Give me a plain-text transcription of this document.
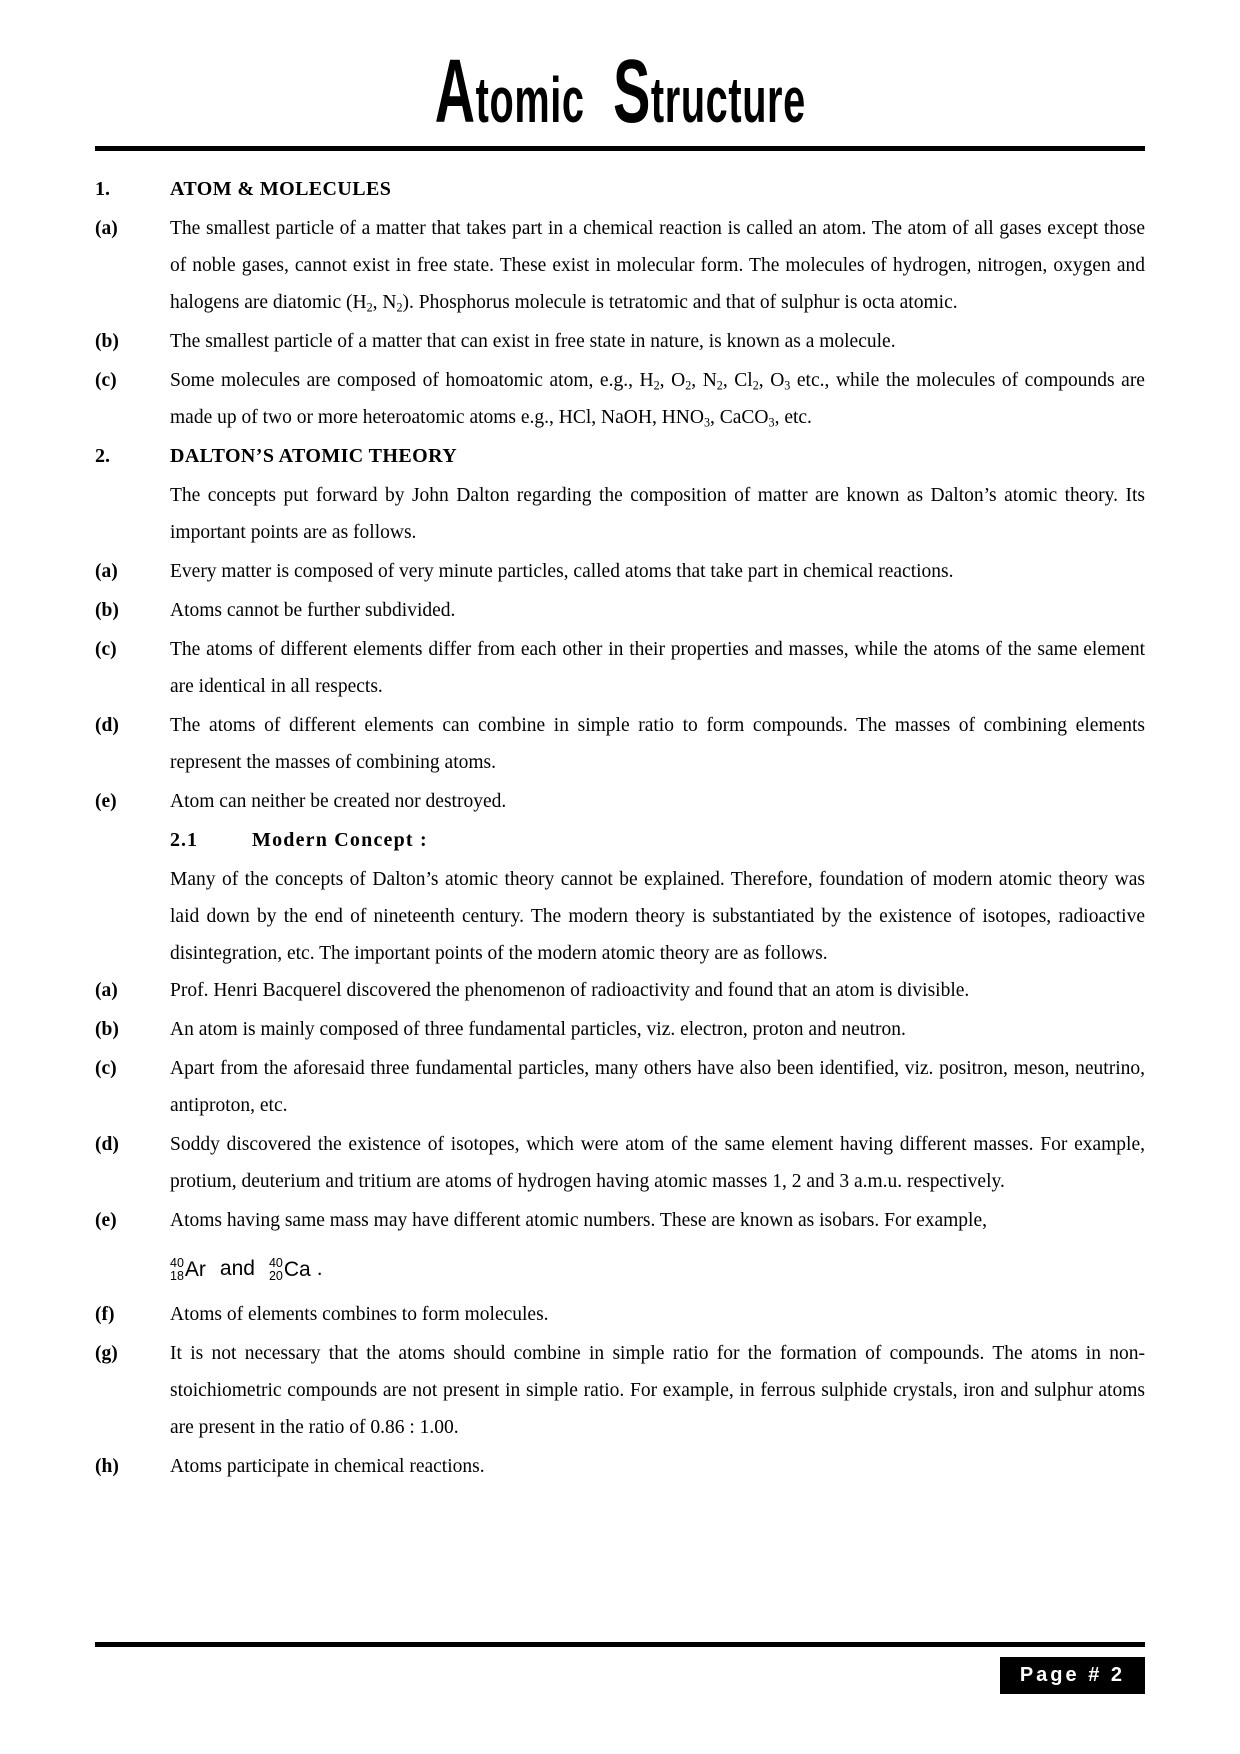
Atomic Structure
1.	ATOM & MOLECULES
(a)	The smallest particle of a matter that takes part in a chemical reaction is called an atom. The atom of all gases except those of noble gases, cannot exist in free state. These exist in molecular form. The molecules of hydrogen, nitrogen, oxygen and halogens are diatomic ($H_2$, $N_2$). Phosphorus molecule is tetratomic and that of sulphur is octa atomic.
(b)	The smallest particle of a matter that can exist in free state in nature, is known as a molecule.
(c)	Some molecules are composed of homoatomic atom, e.g., $H_2$, $O_2$, $N_2$, $Cl_2$, $O_3$ etc., while the molecules of compounds are made up of two or more heteroatomic atoms e.g., HCl, NaOH, $HNO_3$, CaCO$_3$, etc.
2.	DALTON’S ATOMIC THEORY
The concepts put forward by John Dalton regarding the composition of matter are known as Dalton’s atomic theory. Its important points are as follows.
(a)	Every matter is composed of very minute particles, called atoms that take part in chemical reactions.
(b)	Atoms cannot be further subdivided.
(c)	The atoms of different elements differ from each other in their properties and masses, while the atoms of the same element are identical in all respects.
(d)	The atoms of different elements can combine in simple ratio to form compounds. The masses of combining elements represent the masses of combining atoms.
(e)	Atom can neither be created nor destroyed.
2.1	Modern Concept :
Many of the concepts of Dalton’s atomic theory cannot be explained. Therefore, foundation of modern atomic theory was laid down by the end of nineteenth century. The modern theory is substantiated by the existence of isotopes, radioactive disintegration, etc. The important points of the modern atomic theory are as follows.
(a)	Prof. Henri Bacquerel discovered the phenomenon of radioactivity and found that an atom is divisible.
(b)	An atom is mainly composed of three fundamental particles, viz. electron, proton and neutron.
(c)	Apart from the aforesaid three fundamental particles, many others have also been identified, viz. positron, meson, neutrino, antiproton, etc.
(d)	Soddy discovered the existence of isotopes, which were atom of the same element having different masses. For example, protium, deuterium and tritium are atoms of hydrogen having atomic masses 1, 2 and 3 a.m.u. respectively.
(e)	Atoms having same mass may have different atomic numbers. These are known as isobars. For example,
40
18 Ar and 40
20 Ca .
(f)	Atoms of elements combines to form molecules.
(g)	It is not necessary that the atoms should combine in simple ratio for the formation of compounds. The atoms in non-stoichiometric compounds are not present in simple ratio. For example, in ferrous sulphide crystals, iron and sulphur atoms are present in the ratio of 0.86 : 1.00.
(h)	Atoms participate in chemical reactions.
Page # 2
